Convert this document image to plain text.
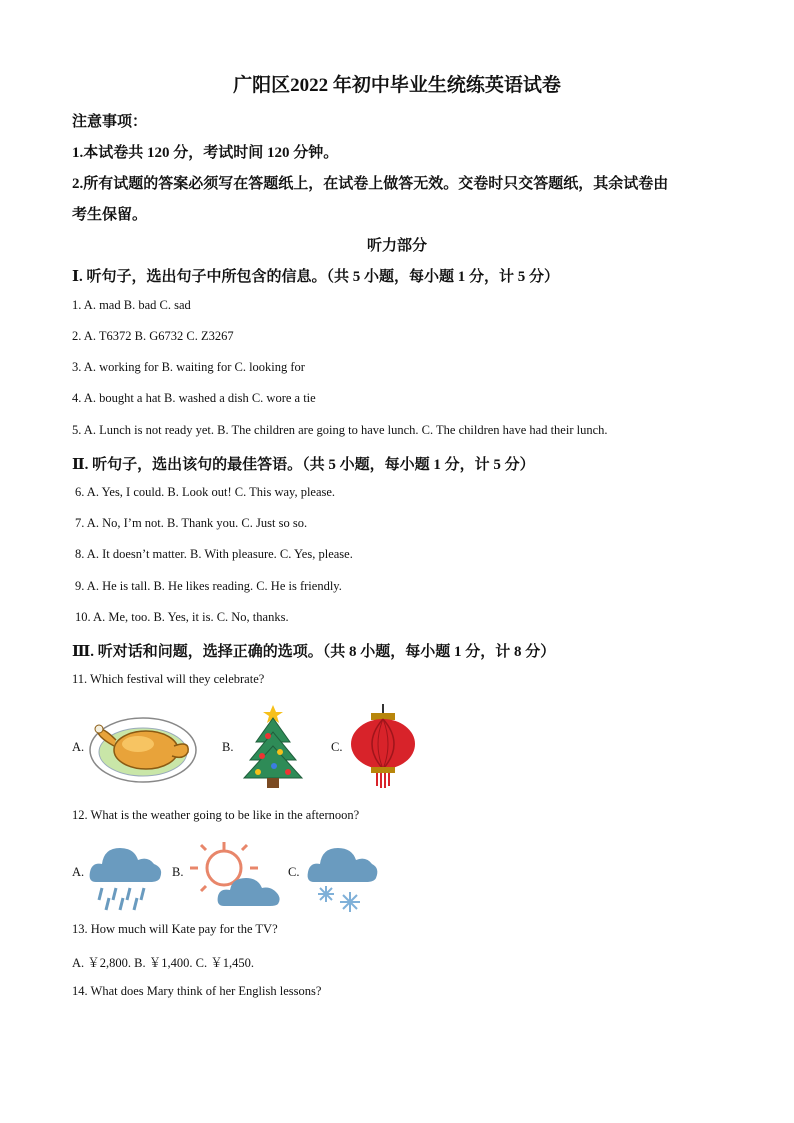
广阳区2022 年初中毕业生统练英语试卷
注意事项：
1.本试卷共 120 分，考试时间 120 分钟。
2.所有试题的答案必须写在答题纸上，在试卷上做答无效。交卷时只交答题纸，其余试卷由
考生保留。
听力部分
Ⅰ. 听句子，选出句子中所包含的信息。（共 5 小题，每小题 1 分，计 5 分）
1. A. mad B. bad C. sad
2. A. T6372 B. G6732 C. Z3267
3. A. working for B. waiting for C. looking for
4. A. bought a hat B. washed a dish C. wore a tie
5. A. Lunch is not ready yet. B. The children are going to have lunch. C. The children have had their lunch.
Ⅱ. 听句子，选出该句的最佳答语。（共 5 小题，每小题 1 分，计 5 分）
6. A. Yes, I could. B. Look out! C. This way, please.
7. A. No, I’m not. B. Thank you. C. Just so so.
8. A. It doesn’t matter. B. With pleasure. C. Yes, please.
9. A. He is tall. B. He likes reading. C. He is friendly.
10. A. Me, too. B. Yes, it is. C. No, thanks.
Ⅲ. 听对话和问题，选择正确的选项。（共 8 小题，每小题 1 分，计 8 分）
11. Which festival will they celebrate?
A.	B.	C.
12. What is the weather going to be like in the afternoon?
A.	B.	C.
13. How much will Kate pay for the TV?
A. ￥2,800. B. ￥1,400. C. ￥1,450.
14. What does Mary think of her English lessons?
